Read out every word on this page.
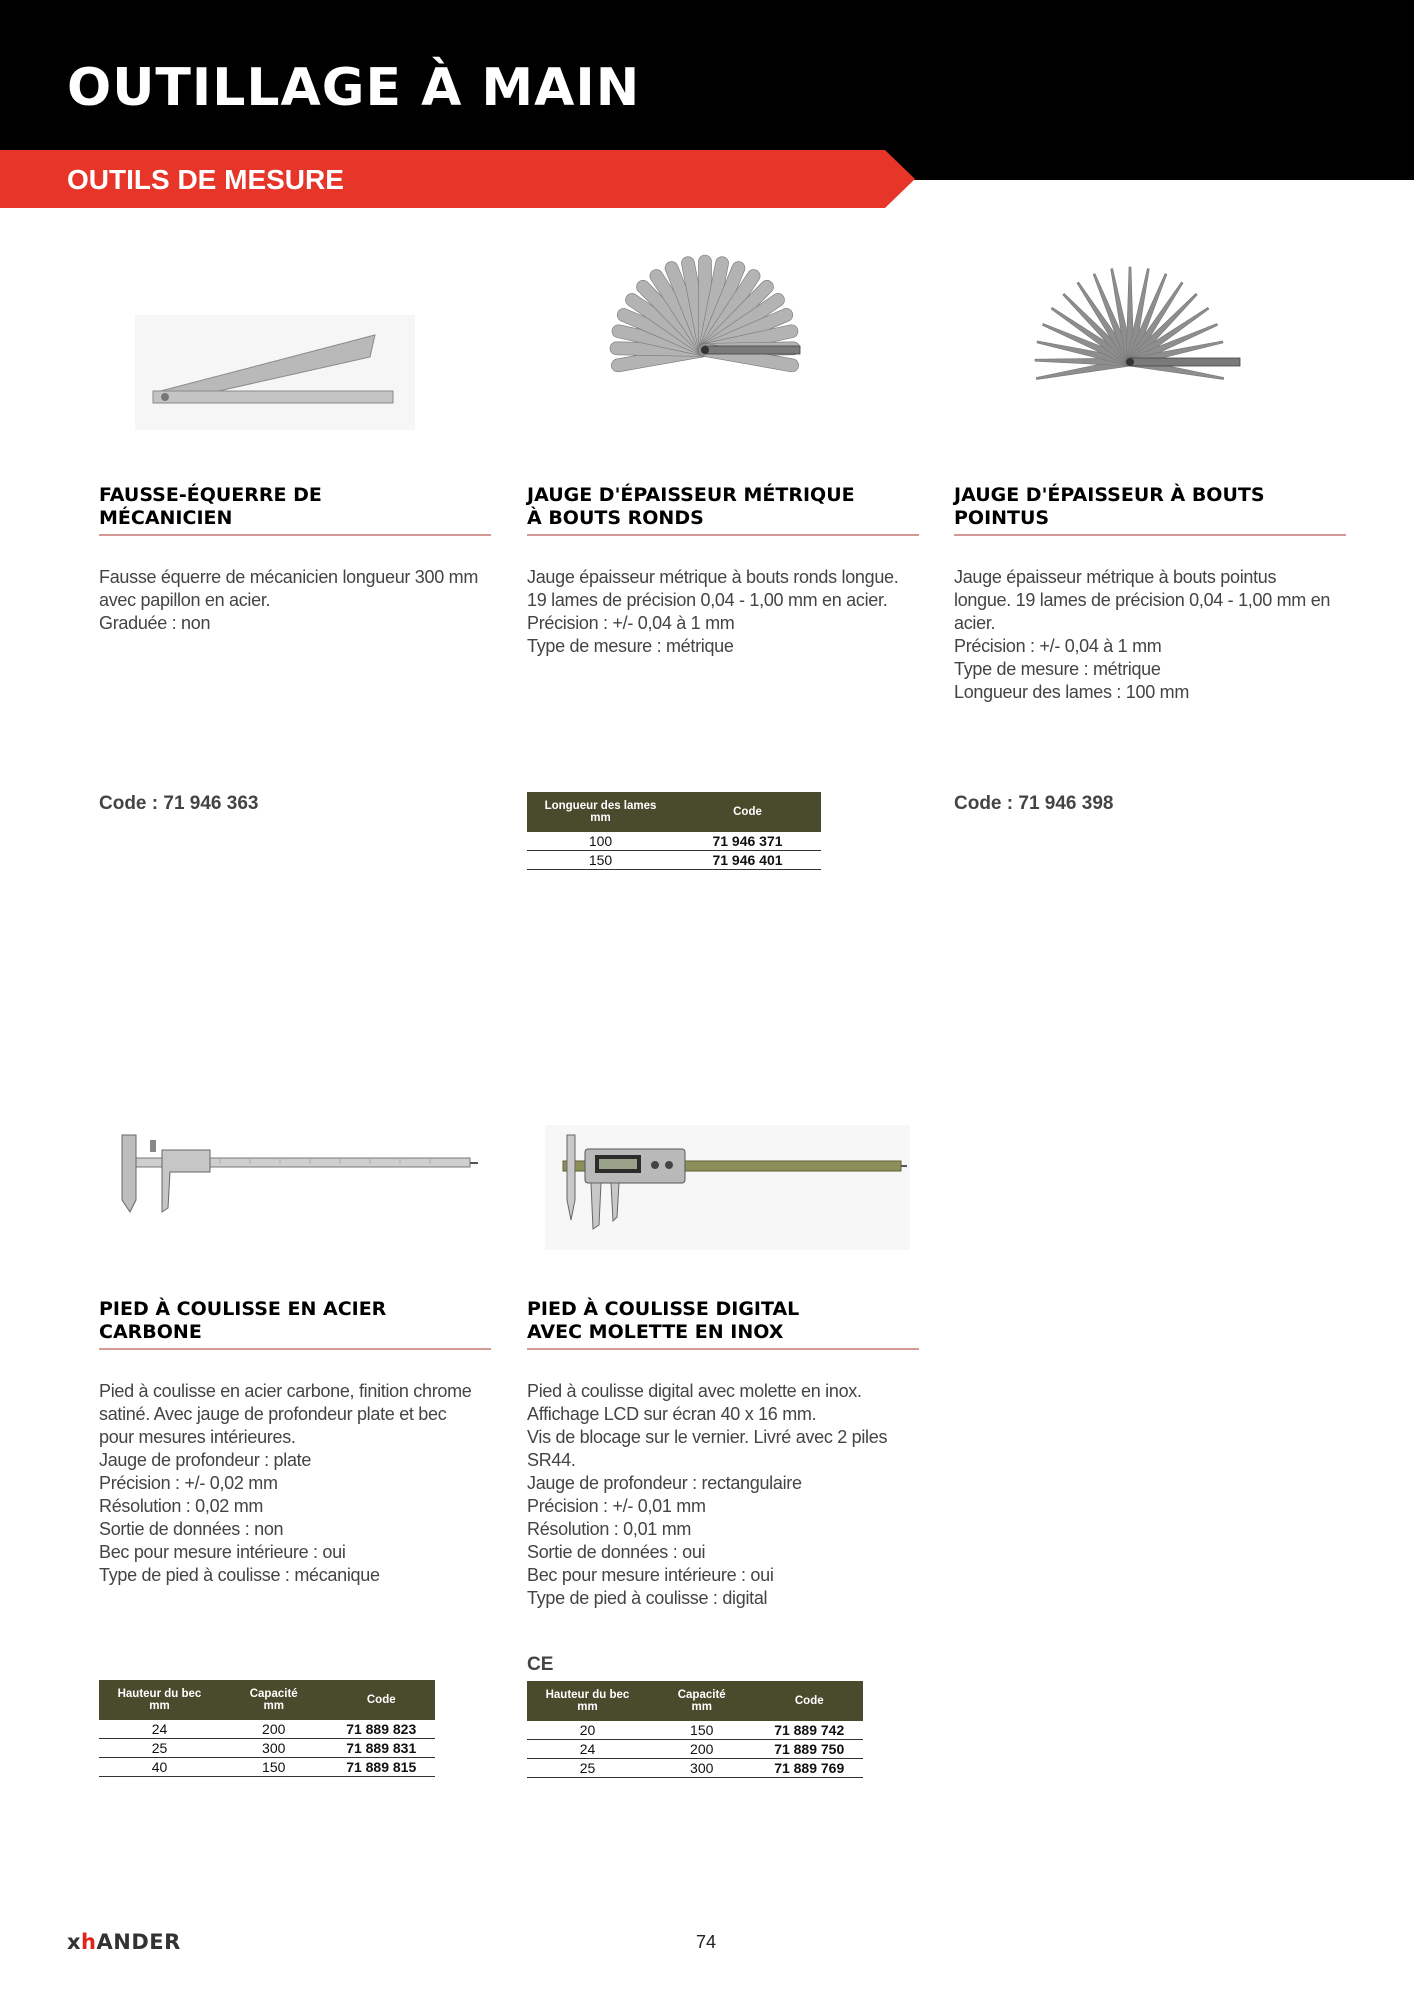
OUTILLAGE À MAIN
OUTILS DE MESURE
FAUSSE-ÉQUERRE DE
MÉCANICIEN
Fausse équerre de mécanicien longueur 300 mm
avec papillon en acier.
Graduée : non
Code : 71 946 363
JAUGE D'ÉPAISSEUR MÉTRIQUE
À BOUTS RONDS
Jauge épaisseur métrique à bouts ronds longue.
19 lames de précision 0,04 - 1,00 mm en acier.
Précision : +/- 0,04 à 1 mm
Type de mesure : métrique
Longueur des lames
mm	Code
100	71 946 371
150	71 946 401
JAUGE D'ÉPAISSEUR À BOUTS
POINTUS
Jauge épaisseur métrique à bouts pointus
longue. 19 lames de précision 0,04 - 1,00 mm en
acier.
Précision : +/- 0,04 à 1 mm
Type de mesure : métrique
Longueur des lames : 100 mm
Code : 71 946 398
PIED À COULISSE EN ACIER
CARBONE
Pied à coulisse en acier carbone, finition chrome
satiné. Avec jauge de profondeur plate et bec
pour mesures intérieures.
Jauge de profondeur : plate
Précision : +/- 0,02 mm
Résolution : 0,02 mm
Sortie de données : non
Bec pour mesure intérieure : oui
Type de pied à coulisse : mécanique
Hauteur du bec
mm	Capacité
mm	Code
24	200	71 889 823
25	300	71 889 831
40	150	71 889 815
PIED À COULISSE DIGITAL
AVEC MOLETTE EN INOX
Pied à coulisse digital avec molette en inox.
Affichage LCD sur écran 40 x 16 mm.
Vis de blocage sur le vernier. Livré avec 2 piles
SR44.
Jauge de profondeur : rectangulaire
Précision : +/- 0,01 mm
Résolution : 0,01 mm
Sortie de données : oui
Bec pour mesure intérieure : oui
Type de pied à coulisse : digital
CE
Hauteur du bec
mm	Capacité
mm	Code
20	150	71 889 742
24	200	71 889 750
25	300	71 889 769
xhANDER	74
